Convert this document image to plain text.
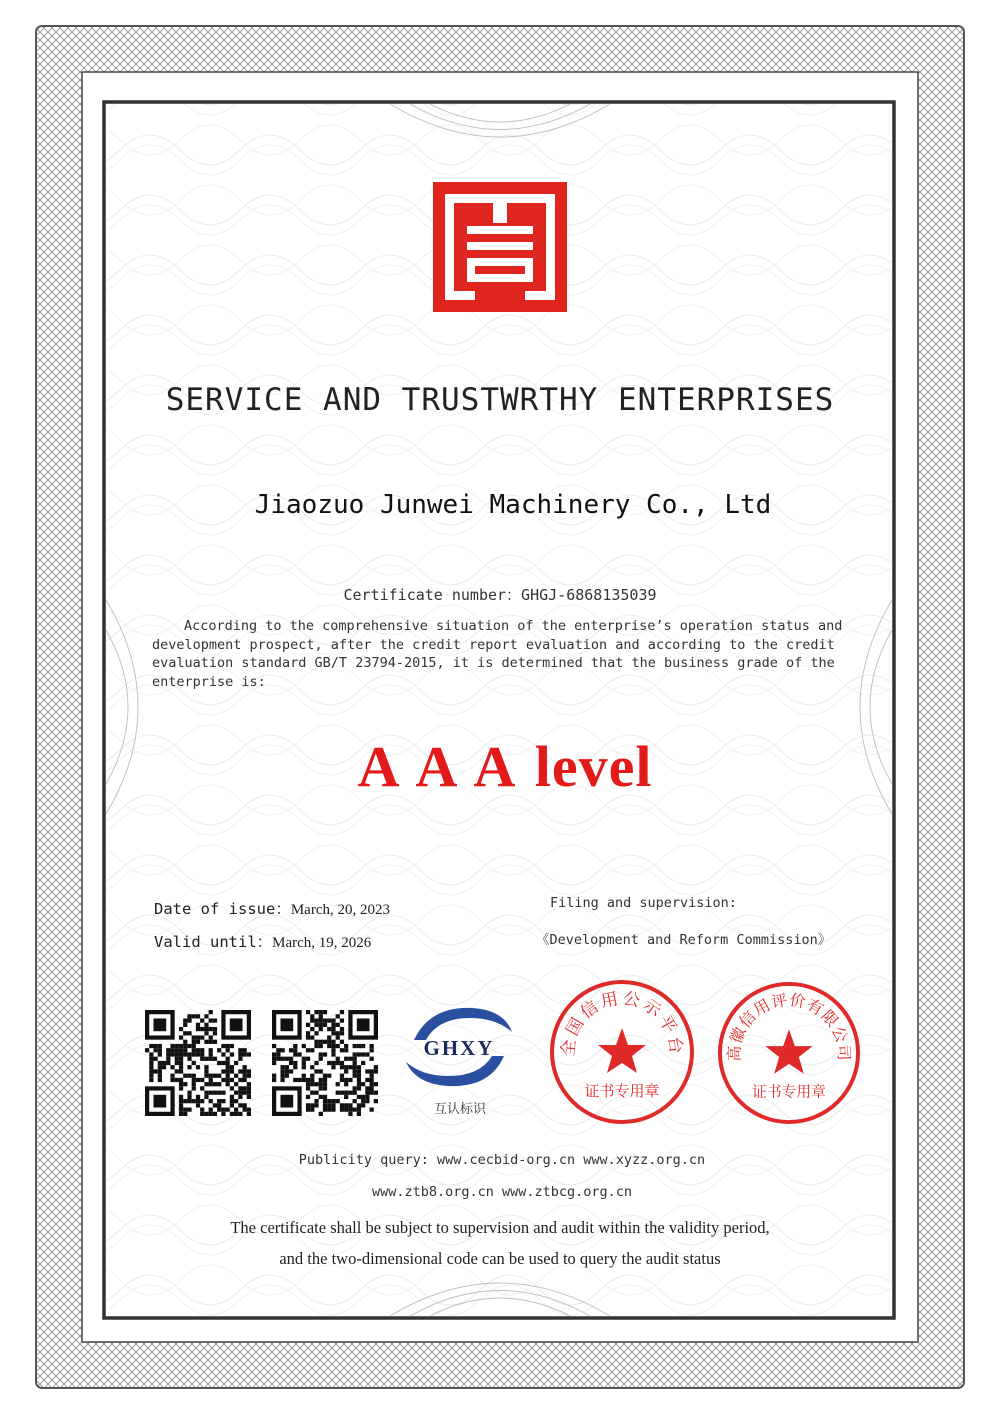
SERVICE AND TRUSTWRTHY ENTERPRISES
Jiaozuo Junwei Machinery Co., Ltd
Certificate number：GHGJ-6868135039

According to the comprehensive situation of the enterprise’s operation status and

development prospect, after the credit report evaluation and according to the credit

evaluation standard GB/T 23794-2015, it is determined that the business grade of the

enterprise is:

A A A level
Date of issue：March, 20, 2023
Valid until：March, 19, 2026
Filing and supervision:
《Development and Reform Commission》
GHXY
互认标识
全国信用公示平台
证书专用章
高徽信用评价有限公司
证书专用章
Publicity query: www.cecbid-org.cn www.xyzz.org.cn
www.ztb8.org.cn www.ztbcg.org.cn
The certificate shall be subject to supervision and audit within the validity period,
and the two-dimensional code can be used to query the audit status
